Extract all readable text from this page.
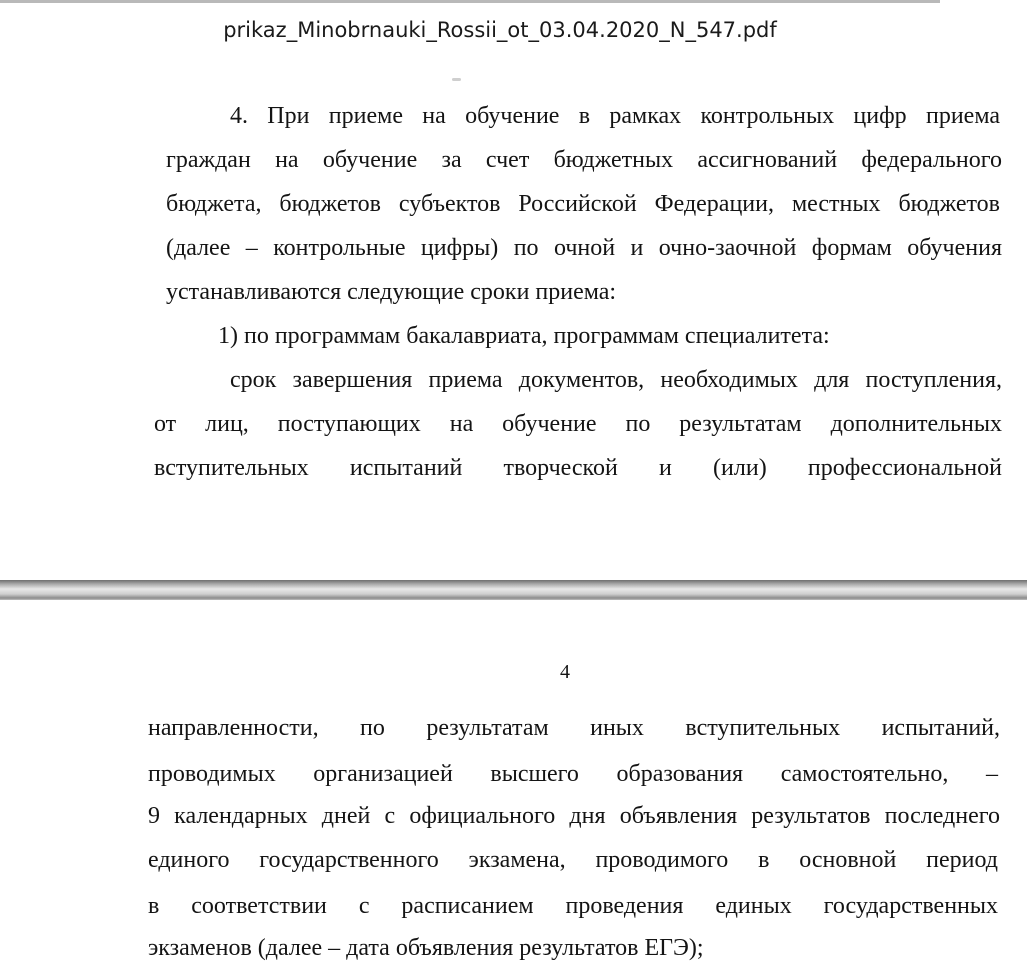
prikaz_Minobrnauki_Rossii_ot_03.04.2020_N_547.pdf
4. При приеме на обучение в рамках контрольных цифр приема
граждан на обучение за счет бюджетных ассигнований федерального
бюджета, бюджетов субъектов Российской Федерации, местных бюджетов
(далее – контрольные цифры) по очной и очно-заочной формам обучения
устанавливаются следующие сроки приема:
1) по программам бакалавриата, программам специалитета:
срок завершения приема документов, необходимых для поступления,
от лиц, поступающих на обучение по результатам дополнительных
вступительных испытаний творческой и (или) профессиональной
4
направленности, по результатам иных вступительных испытаний,
проводимых организацией высшего образования самостоятельно, –
9 календарных дней с официального дня объявления результатов последнего
единого государственного экзамена, проводимого в основной период
в соответствии с расписанием проведения единых государственных
экзаменов (далее – дата объявления результатов ЕГЭ);
